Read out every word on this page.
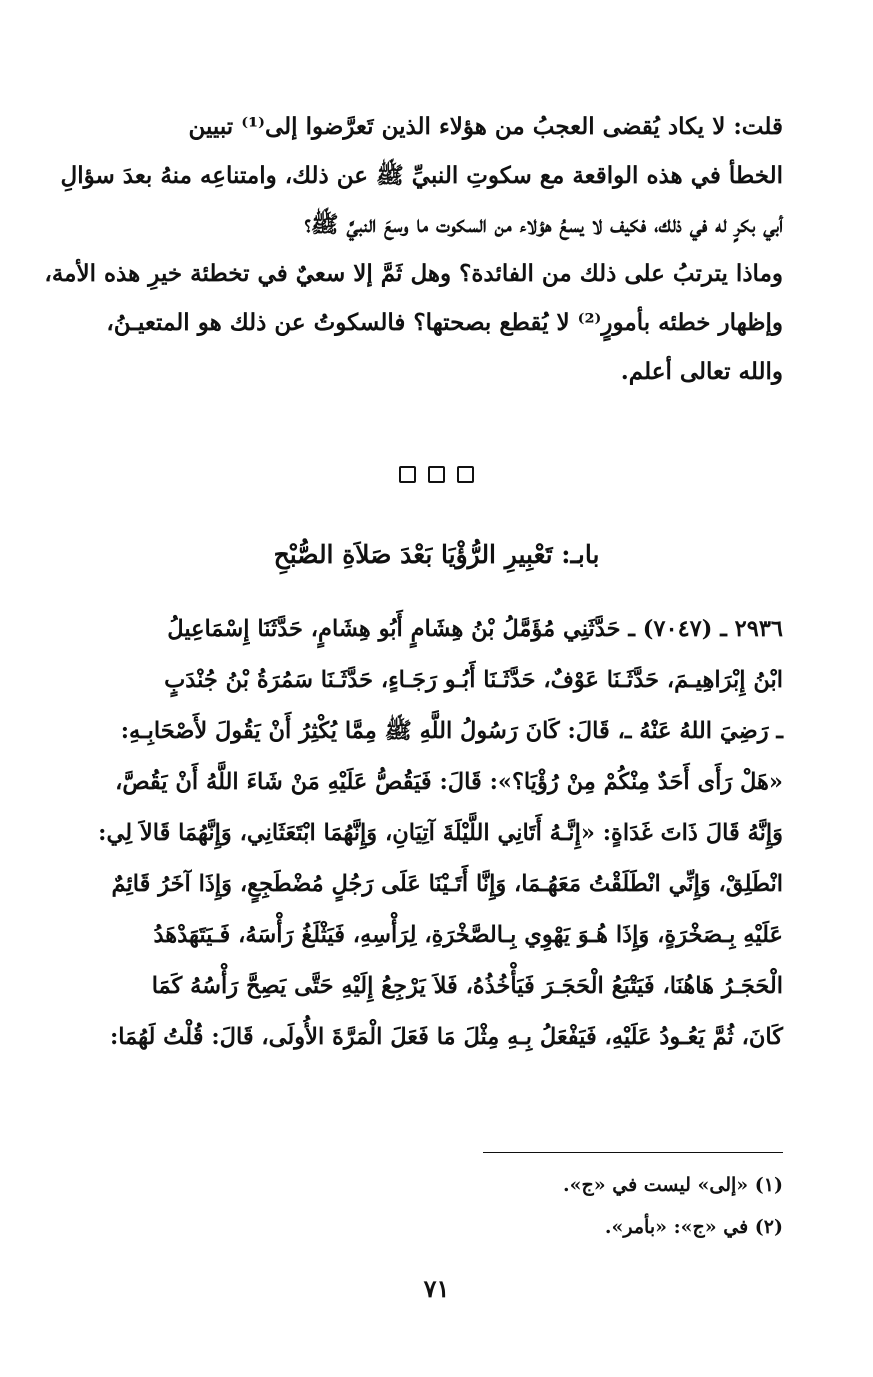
قلت: لا يكاد يُقضى العجبُ من هؤلاء الذين تَعرَّضوا إلى⁽¹⁾ تبيين
الخطأ في هذه الواقعة مع سكوتِ النبيِّ ﷺ عن ذلك، وامتناعِه منهُ بعدَ سؤالِ
أبي بكرٍ له في ذلك، فكيف لا يسعُ هؤلاء من السكوت ما وسعَ النبيَّ ﷺ؟
وماذا يترتبُ على ذلك من الفائدة؟ وهل ثَمَّ إلا سعيٌ في تخطئة خيرِ هذه الأمة،
وإظهار خطئه بأمورٍ⁽²⁾ لا يُقطع بصحتها؟ فالسكوتُ عن ذلك هو المتعيـنُ،
والله تعالى أعلم.
بابـ: تَعْبِيرِ الرُّؤْيَا بَعْدَ صَلاَةِ الصُّبْحِ
٢٩٣٦ ـ (٧٠٤٧) ـ حَدَّثَنِي مُؤَمَّلُ بْنُ هِشَامٍ أَبُو هِشَامٍ، حَدَّثَنَا إِسْمَاعِيلُ
ابْنُ إِبْرَاهِيـمَ، حَدَّثَـنَا عَوْفٌ، حَدَّثَـنَا أَبُـو رَجَـاءٍ، حَدَّثَـنَا سَمُرَةُ بْنُ جُنْدَبٍ
ـ رَضِيَ اللهُ عَنْهُ ـ، قَالَ: كَانَ رَسُولُ اللَّهِ ﷺ مِمَّا يُكْثِرُ أَنْ يَقُولَ لأَصْحَابِـهِ:
«هَلْ رَأَى أَحَدٌ مِنْكُمْ مِنْ رُؤْيَا؟»: قَالَ: فَيَقُصُّ عَلَيْهِ مَنْ شَاءَ اللَّهُ أَنْ يَقُصَّ،
وَإِنَّهُ قَالَ ذَاتَ غَدَاةٍ: «إِنَّـهُ أَتَانِي اللَّيْلَةَ آتِيَانِ، وَإِنَّهُمَا ابْتَعَثَانِي، وَإِنَّهُمَا قَالاَ لِي:
انْطَلِقْ، وَإِنِّي انْطَلَقْتُ مَعَهُـمَا، وَإِنَّا أَتَـيْنَا عَلَى رَجُلٍ مُضْطَجِعٍ، وَإِذَا آخَرُ قَائِمٌ
عَلَيْهِ بِـصَخْرَةٍ، وَإِذَا هُـوَ يَهْوِي بِـالصَّخْرَةِ، لِرَأْسِهِ، فَيَثْلَغُ رَأْسَهُ، فَـيَتَهَدْهَدُ
الْحَجَـرُ هَاهُنَا، فَيَتْبَعُ الْحَجَـرَ فَيَأْخُذُهُ، فَلاَ يَرْجِعُ إِلَيْهِ حَتَّى يَصِحَّ رَأْسُهُ كَمَا
كَانَ، ثُمَّ يَعُـودُ عَلَيْهِ، فَيَفْعَلُ بِـهِ مِثْلَ مَا فَعَلَ الْمَرَّةَ الأُولَى، قَالَ: قُلْتُ لَهُمَا:
(١) «إلى» ليست في «ج».
(٢) في «ج»: «بأمر».
٧١
